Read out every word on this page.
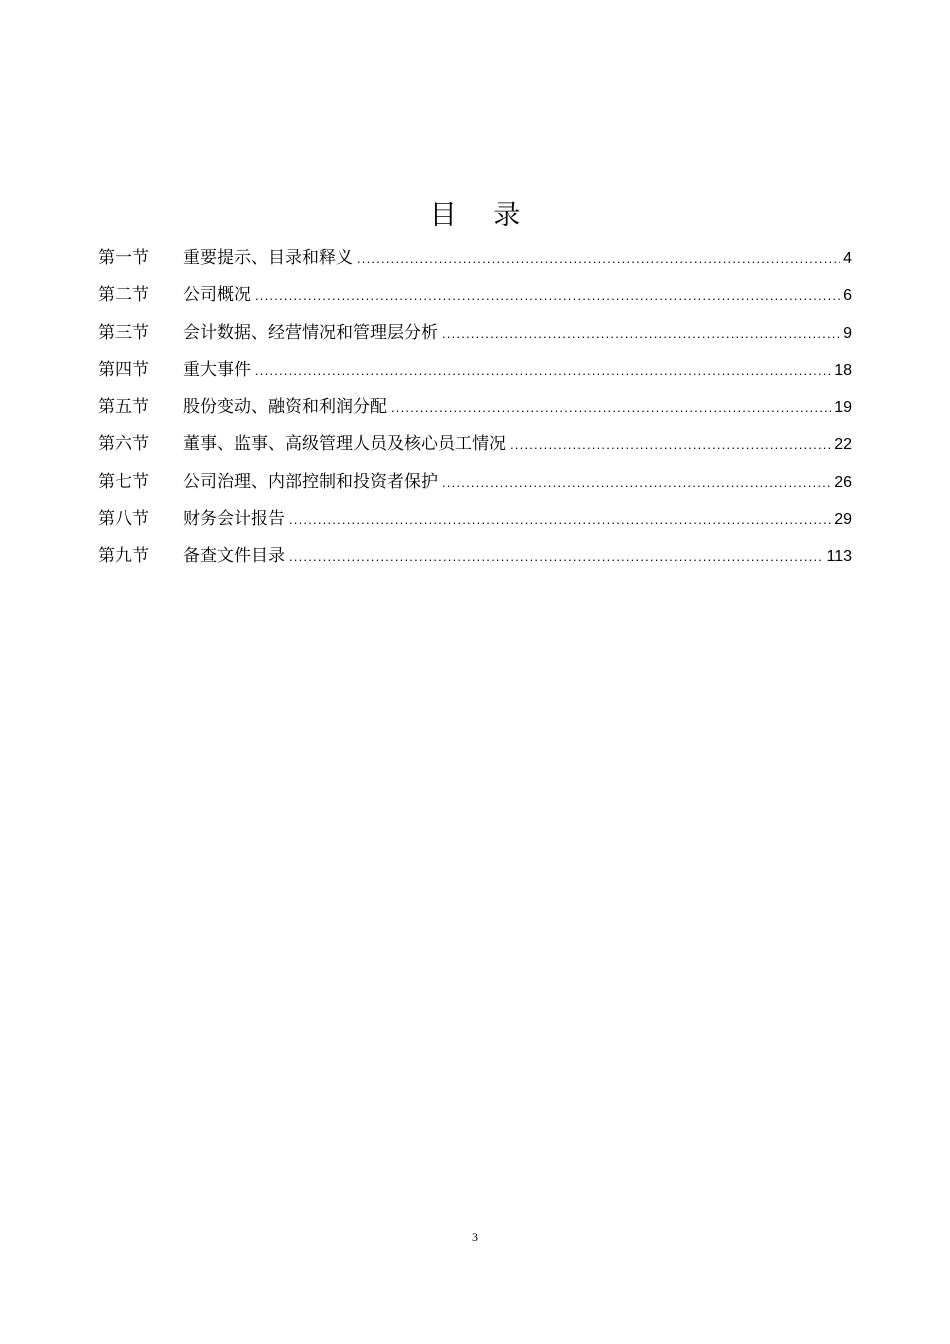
目 录
第一节	重要提示、目录和释义 .....	4
第二节	公司概况 .....	6
第三节	会计数据、经营情况和管理层分析 .....	9
第四节	重大事件 .....	18
第五节	股份变动、融资和利润分配 .....	19
第六节	董事、监事、高级管理人员及核心员工情况 .....	22
第七节	公司治理、内部控制和投资者保护 .....	26
第八节	财务会计报告 .....	29
第九节	备查文件目录 .....	113
3
